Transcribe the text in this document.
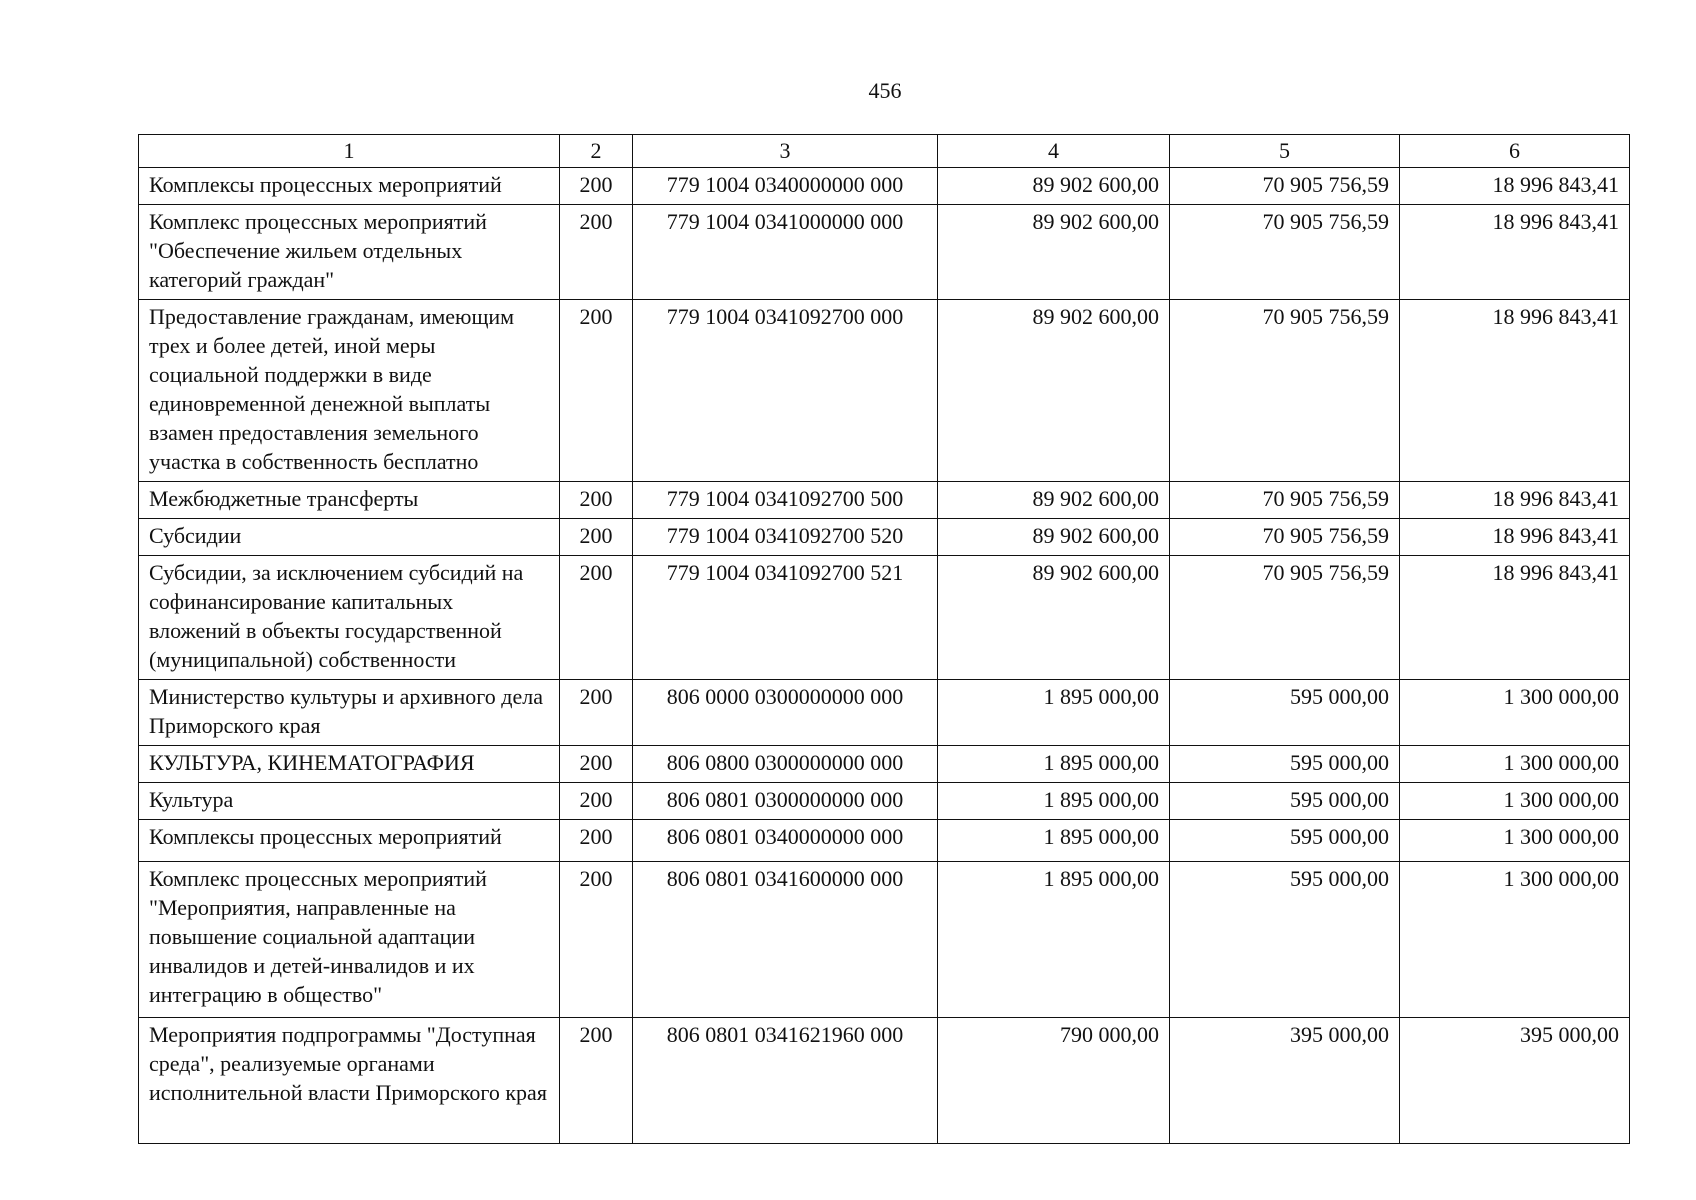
456
1	2	3	4	5	6
Комплексы процессных мероприятий	200	779 1004 0340000000 000	89 902 600,00	70 905 756,59	18 996 843,41
Комплекс процессных мероприятий "Обеспечение жильем отдельных категорий граждан"	200	779 1004 0341000000 000	89 902 600,00	70 905 756,59	18 996 843,41
Предоставление гражданам, имеющим трех и более детей, иной меры социальной поддержки в виде единовременной денежной выплаты взамен предоставления земельного участка в собственность бесплатно	200	779 1004 0341092700 000	89 902 600,00	70 905 756,59	18 996 843,41
Межбюджетные трансферты	200	779 1004 0341092700 500	89 902 600,00	70 905 756,59	18 996 843,41
Субсидии	200	779 1004 0341092700 520	89 902 600,00	70 905 756,59	18 996 843,41
Субсидии, за исключением субсидий на софинансирование капитальных вложений в объекты государственной (муниципальной) собственности	200	779 1004 0341092700 521	89 902 600,00	70 905 756,59	18 996 843,41
Министерство культуры и архивного дела Приморского края	200	806 0000 0300000000 000	1 895 000,00	595 000,00	1 300 000,00
КУЛЬТУРА, КИНЕМАТОГРАФИЯ	200	806 0800 0300000000 000	1 895 000,00	595 000,00	1 300 000,00
Культура	200	806 0801 0300000000 000	1 895 000,00	595 000,00	1 300 000,00
Комплексы процессных мероприятий	200	806 0801 0340000000 000	1 895 000,00	595 000,00	1 300 000,00
Комплекс процессных мероприятий "Мероприятия, направленные на повышение социальной адаптации инвалидов и детей-инвалидов и их интеграцию в общество"	200	806 0801 0341600000 000	1 895 000,00	595 000,00	1 300 000,00
Мероприятия подпрограммы "Доступная среда", реализуемые органами исполнительной власти Приморского края	200	806 0801 0341621960 000	790 000,00	395 000,00	395 000,00
